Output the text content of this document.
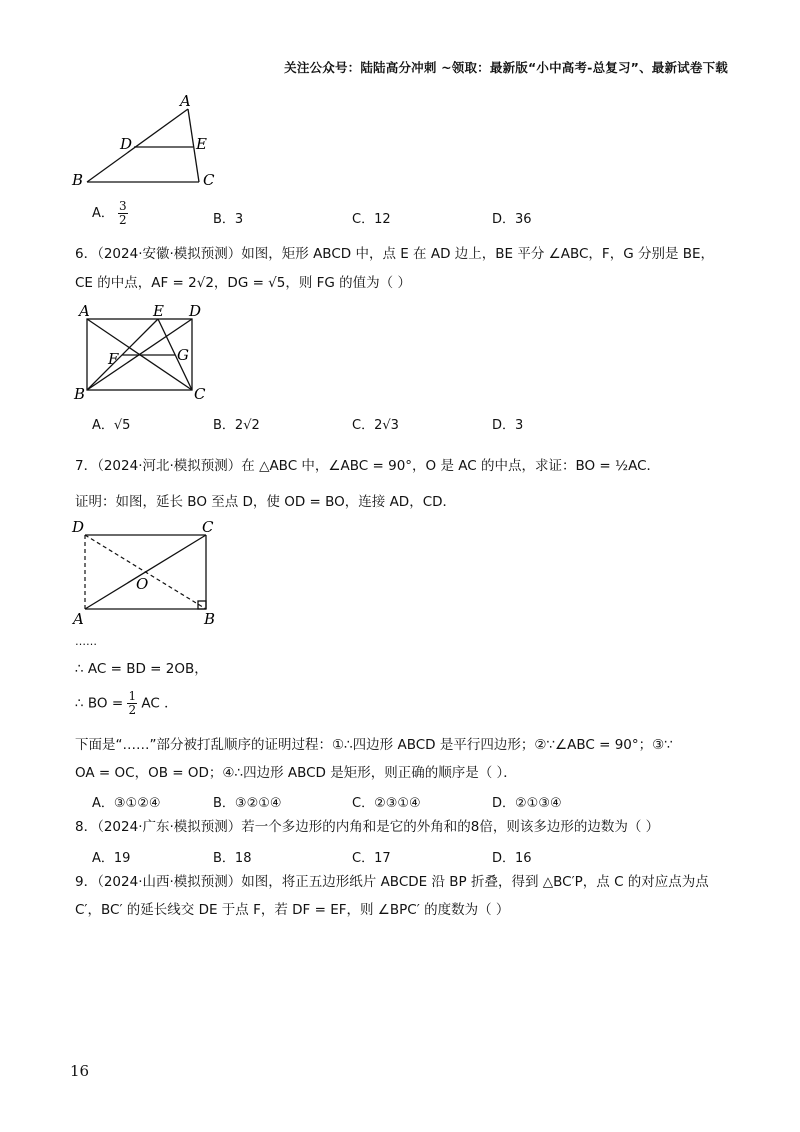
关注公众号：陆陆高分冲刺 ~领取：最新版“小中高考-总复习”、最新试卷下载
A
D	E
B	C
A． $\frac{3}{2}$	B．3	C．12	D．36
6．（2024·安徽·模拟预测）如图，矩形 ABCD 中，点 E 在 AD 边上，BE 平分 ∠ABC，F，G 分别是 BE，
CE 的中点，AF = 2√2，DG = √5，则 FG 的值为（ ）
A	E D
F	G
B	C
A．√5	B．2√2	C．2√3	D．3
7．（2024·河北·模拟预测）在 △ABC 中，∠ABC = 90°，O 是 AC 的中点，求证：BO = ½AC．
证明：如图，延长 BO 至点 D，使 OD = BO，连接 AD，CD．
D	C
O
A	B
……
∴ AC = BD = 2OB，
∴ BO = $\frac{1}{2}$ AC ．
下面是“……”部分被打乱顺序的证明过程：①∴四边形 ABCD 是平行四边形；②∵∠ABC = 90°；③∵
OA = OC，OB = OD；④∴四边形 ABCD 是矩形，则正确的顺序是（ ）．
A．③①②④	B．③②①④	C．②③①④	D．②①③④
8．（2024·广东·模拟预测）若一个多边形的内角和是它的外角和的8倍，则该多边形的边数为（ ）
A．19	B．18	C．17	D．16
9．（2024·山西·模拟预测）如图，将正五边形纸片 ABCDE 沿 BP 折叠，得到 △BC′P，点 C 的对应点为点
C′，BC′ 的延长线交 DE 于点 F，若 DF = EF，则 ∠BPC′ 的度数为（ ）
16
